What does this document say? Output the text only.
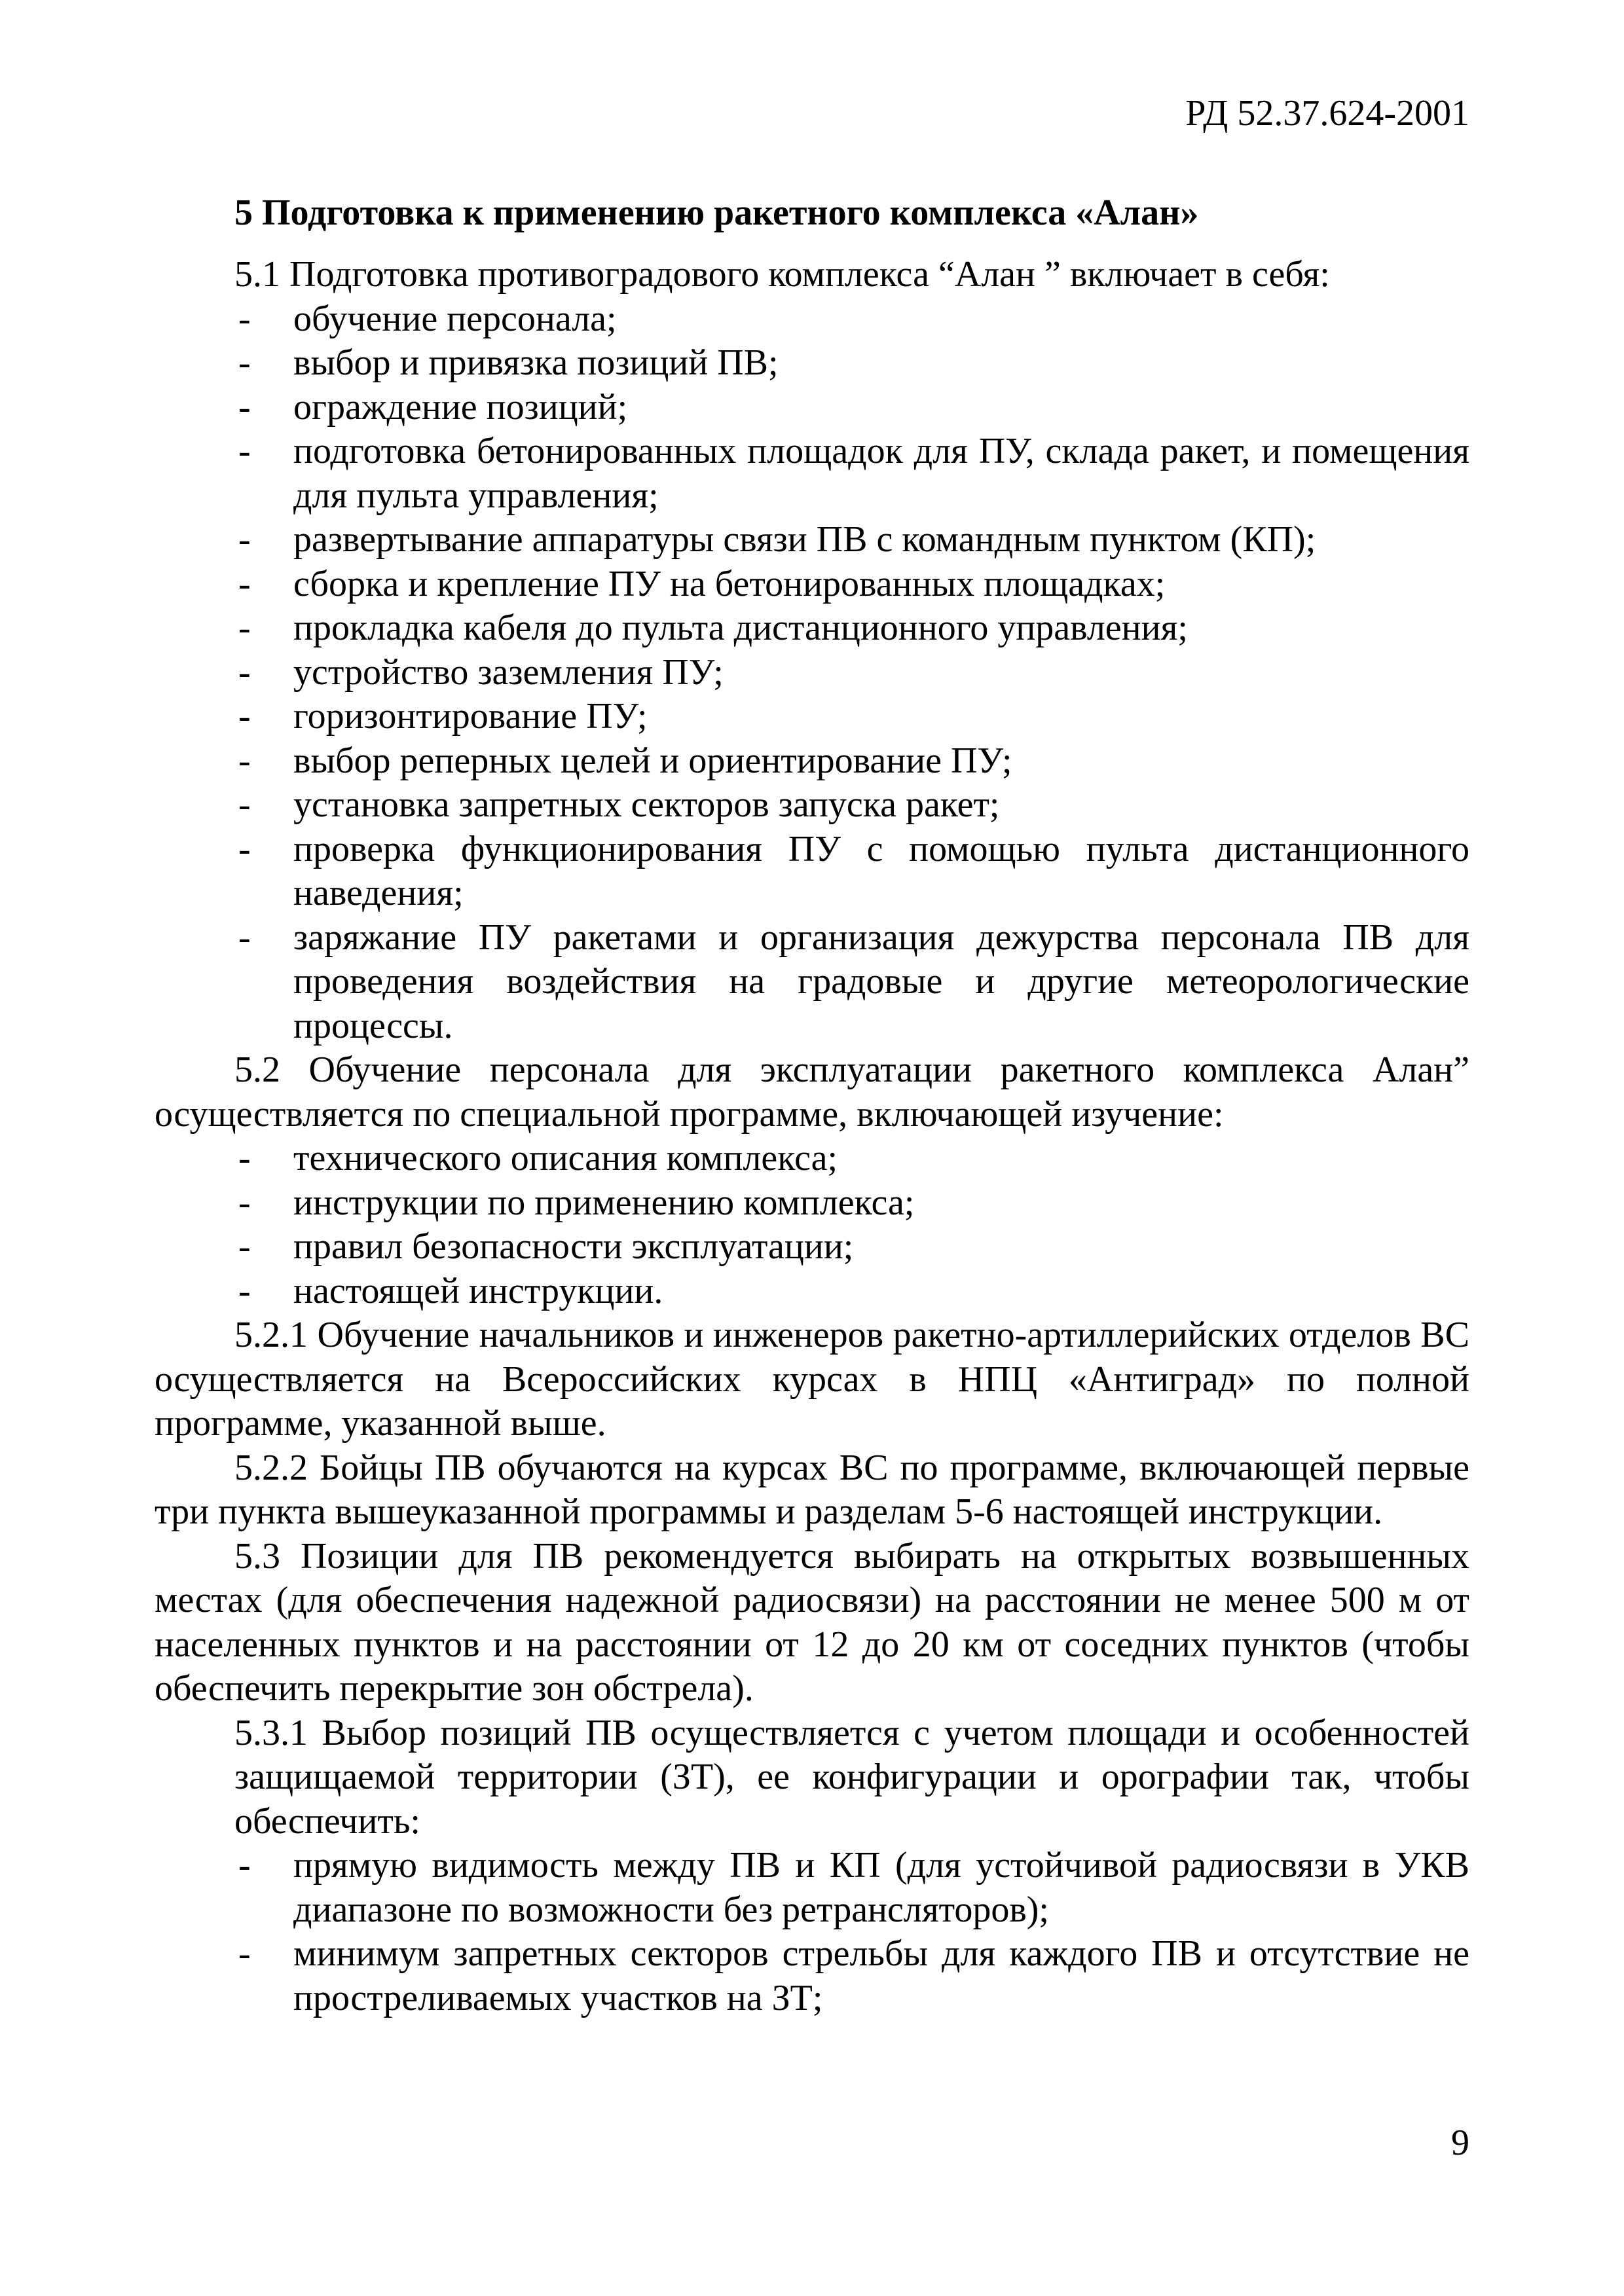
РД 52.37.624-2001
5 Подготовка к применению ракетного комплекса «Алан»

5.1 Подготовка противоградового комплекса “Алан ” включает в себя:

- обучение персонала;
- выбор и привязка позиций ПВ;
- ограждение позиций;
- подготовка бетонированных площадок для ПУ, склада ракет, и помещения для пульта управления;
- развертывание аппаратуры связи ПВ с командным пунктом (КП);
- сборка и крепление ПУ на бетонированных площадках;
- прокладка кабеля до пульта дистанционного управления;
- устройство заземления ПУ;
- горизонтирование ПУ;
- выбор реперных целей и ориентирование ПУ;
- установка запретных секторов запуска ракет;
- проверка функционирования ПУ с помощью пульта дистанционного наведения;
- заряжание ПУ ракетами и организация дежурства персонала ПВ для проведения воздействия на градовые и другие метеорологические процессы.

5.2 Обучение персонала для эксплуатации ракетного комплекса Алан” осуществляется по специальной программе, включающей изучение:

- технического описания комплекса;
- инструкции по применению комплекса;
- правил безопасности эксплуатации;
- настоящей инструкции.

5.2.1 Обучение начальников и инженеров ракетно-артиллерийских отделов ВС осуществляется на Всероссийских курсах в НПЦ «Антиград» по полной программе, указанной выше.

5.2.2 Бойцы ПВ обучаются на курсах ВС по программе, включающей первые три пункта вышеуказанной программы и разделам 5-6 настоящей инструкции.

5.3 Позиции для ПВ рекомендуется выбирать на открытых возвышенных местах (для обеспечения надежной радиосвязи) на расстоянии не менее 500 м от населенных пунктов и на расстоянии от 12 до 20 км от соседних пунктов (чтобы обеспечить перекрытие зон обстрела).

5.3.1 Выбор позиций ПВ осуществляется с учетом площади и особенностей защищаемой территории (ЗТ), ее конфигурации и орографии так, чтобы обеспечить:

- прямую видимость между ПВ и КП (для устойчивой радиосвязи в УКВ диапазоне по возможности без ретрансляторов);
- минимум запретных секторов стрельбы для каждого ПВ и отсутствие не простреливаемых участков на ЗТ;
9
